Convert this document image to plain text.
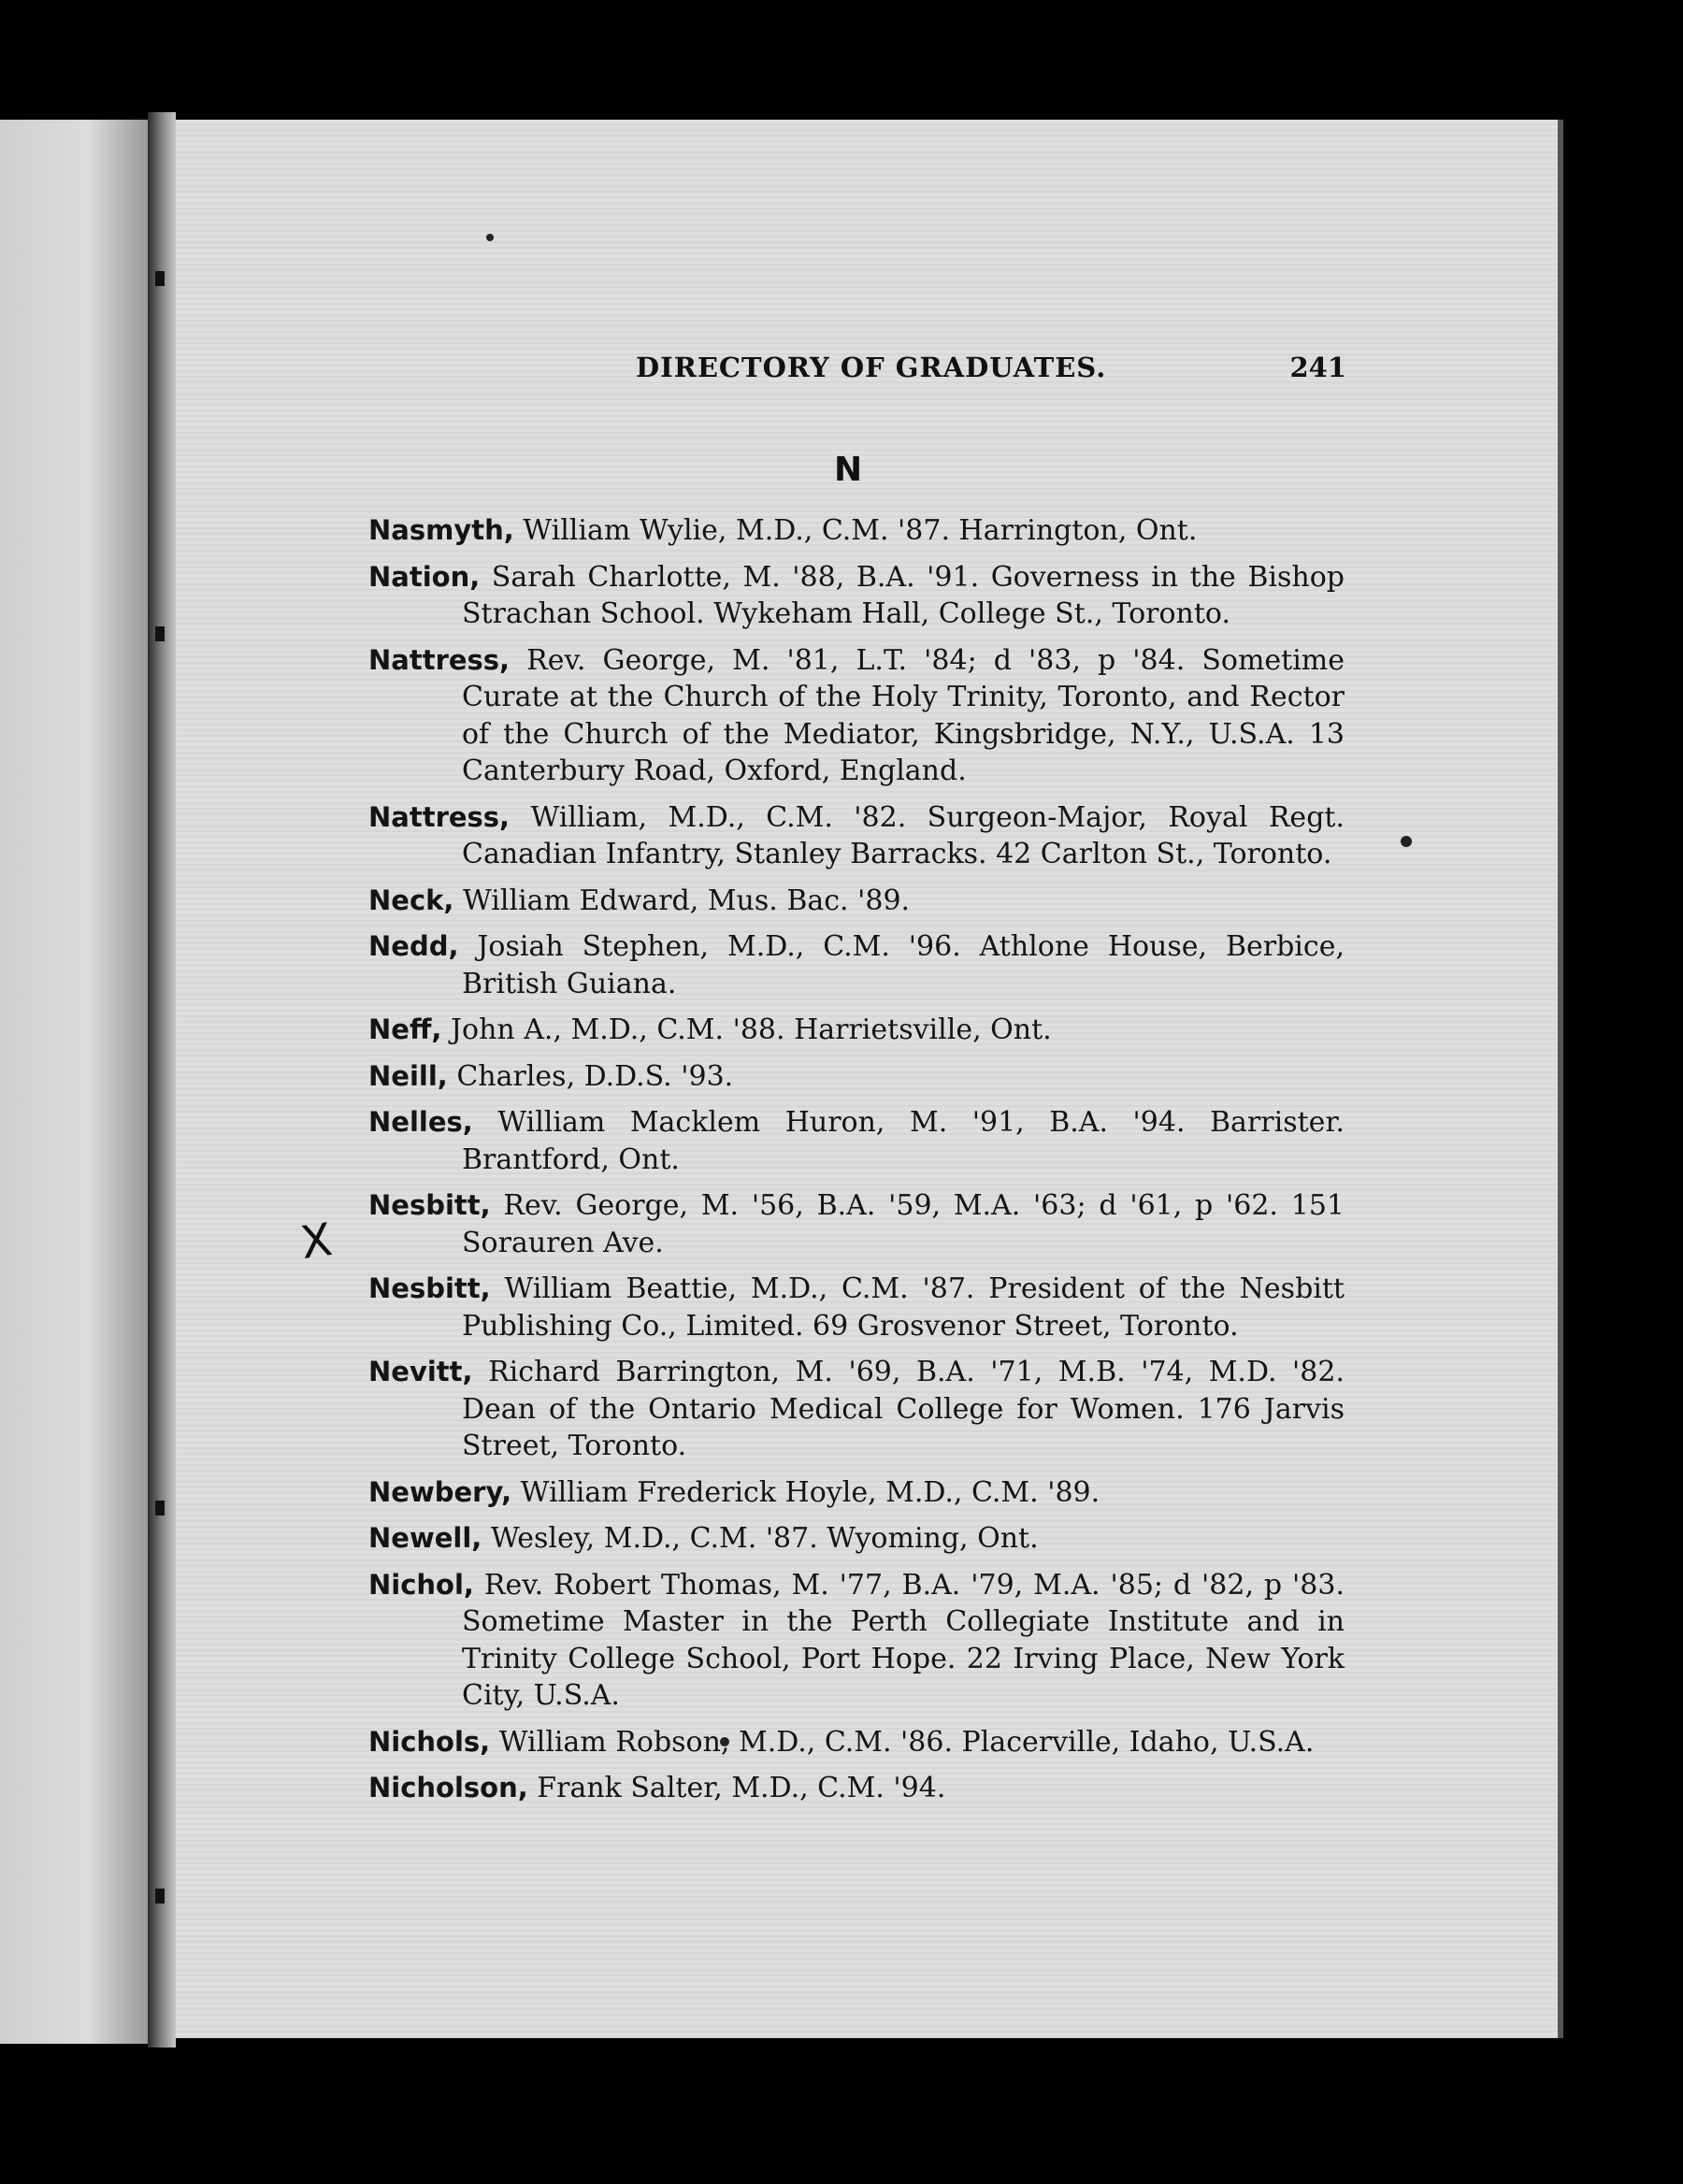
DIRECTORY OF GRADUATES.	241
N
X

Nasmyth, William Wylie, M.D., C.M. '87. Harrington, Ont.

Nation, Sarah Charlotte, M. '88, B.A. '91. Governess in the Bishop Strachan School. Wykeham Hall, College St., Toronto.

Nattress, Rev. George, M. '81, L.T. '84; d '83, p '84. Sometime Curate at the Church of the Holy Trinity, Toronto, and Rector of the Church of the Mediator, Kingsbridge, N.Y., U.S.A. 13 Canterbury Road, Oxford, England.

Nattress, William, M.D., C.M. '82. Surgeon-Major, Royal Regt. Canadian Infantry, Stanley Barracks. 42 Carlton St., Toronto.

Neck, William Edward, Mus. Bac. '89.

Nedd, Josiah Stephen, M.D., C.M. '96. Athlone House, Berbice, British Guiana.

Neff, John A., M.D., C.M. '88. Harrietsville, Ont.

Neill, Charles, D.D.S. '93.

Nelles, William Macklem Huron, M. '91, B.A. '94. Barrister. Brantford, Ont.

Nesbitt, Rev. George, M. '56, B.A. '59, M.A. '63; d '61, p '62. 151 Sorauren Ave.

Nesbitt, William Beattie, M.D., C.M. '87. President of the Nesbitt Publishing Co., Limited. 69 Grosvenor Street, Toronto.

Nevitt, Richard Barrington, M. '69, B.A. '71, M.B. '74, M.D. '82. Dean of the Ontario Medical College for Women. 176 Jarvis Street, Toronto.

Newbery, William Frederick Hoyle, M.D., C.M. '89.

Newell, Wesley, M.D., C.M. '87. Wyoming, Ont.

Nichol, Rev. Robert Thomas, M. '77, B.A. '79, M.A. '85; d '82, p '83. Sometime Master in the Perth Collegiate Institute and in Trinity College School, Port Hope. 22 Irving Place, New York City, U.S.A.

Nichols, William Robson, M.D., C.M. '86. Placerville, Idaho, U.S.A.

Nicholson, Frank Salter, M.D., C.M. '94.
